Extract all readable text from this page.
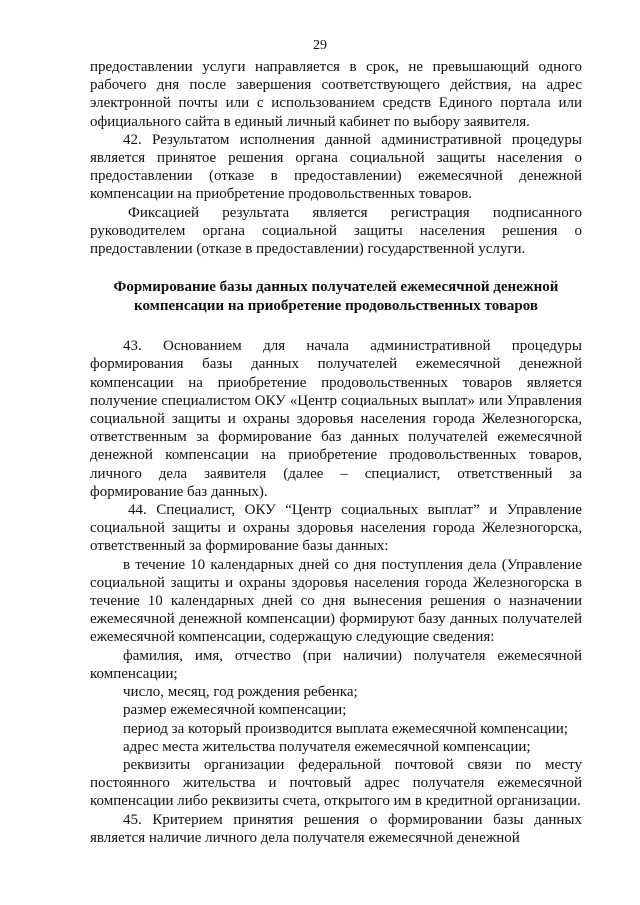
29

предоставлении услуги направляется в срок, не превышающий одного рабочего дня после завершения соответствующего действия, на адрес электронной почты или с использованием средств Единого портала или официального сайта в единый личный кабинет по выбору заявителя.

42. Результатом исполнения данной административной процедуры является принятое решения органа социальной защиты населения о предоставлении (отказе в предоставлении) ежемесячной денежной компенсации на приобретение продовольственных товаров.

Фиксацией результата является регистрация подписанного руководителем органа социальной защиты населения решения о предоставлении (отказе в предоставлении) государственной услуги.

Формирование базы данных получателей ежемесячной денежной компенсации на приобретение продовольственных товаров

43. Основанием для начала административной процедуры формирования базы данных получателей ежемесячной денежной компенсации на приобретение продовольственных товаров является получение специалистом ОКУ «Центр социальных выплат» или Управления социальной защиты и охраны здоровья населения города Железногорска, ответственным за формирование баз данных получателей ежемесячной денежной компенсации на приобретение продовольственных товаров, личного дела заявителя (далее – специалист, ответственный за формирование баз данных).

44. Специалист, ОКУ “Центр социальных выплат” и Управление социальной защиты и охраны здоровья населения города Железногорска, ответственный за формирование базы данных:

в течение 10 календарных дней со дня поступления дела (Управление социальной защиты и охраны здоровья населения города Железногорска в течение 10 календарных дней со дня вынесения решения о назначении ежемесячной денежной компенсации) формируют базу данных получателей ежемесячной компенсации, содержащую следующие сведения:

фамилия, имя, отчество (при наличии) получателя ежемесячной компенсации;

число, месяц, год рождения ребенка;

размер ежемесячной компенсации;

период за который производится выплата ежемесячной компенсации;

адрес места жительства получателя ежемесячной компенсации;

реквизиты организации федеральной почтовой связи по месту постоянного жительства и почтовый адрес получателя ежемесячной компенсации либо реквизиты счета, открытого им в кредитной организации.

45. Критерием принятия решения о формировании базы данных является наличие личного дела получателя ежемесячной денежной
